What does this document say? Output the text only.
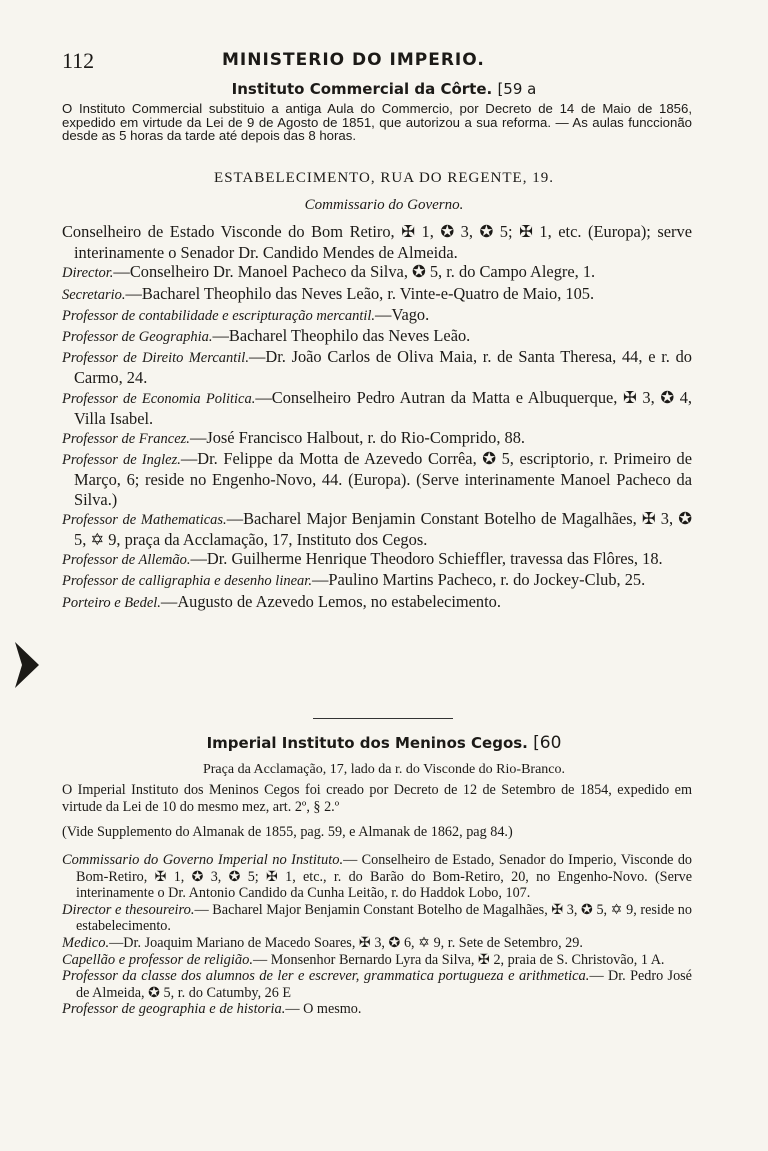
112	MINISTERIO DO IMPERIO.
Instituto Commercial da Côrte. [59 a
O Instituto Commercial substituio a antiga Aula do Commercio, por Decreto de 14 de Maio de 1856, expedido em virtude da Lei de 9 de Agosto de 1851, que autorizou a sua reforma. — As aulas funccionão desde as 5 horas da tarde até depois das 8 horas.
ESTABELECIMENTO, RUA DO REGENTE, 19.
Commissario do Governo.

Conselheiro de Estado Visconde do Bom Retiro, ✠ 1, ✪ 3, ✪ 5; ✠ 1, etc. (Europa); serve interinamente o Senador Dr. Candido Mendes de Almeida.

Director.—Conselheiro Dr. Manoel Pacheco da Silva, ✪ 5, r. do Campo Alegre, 1.

Secretario.—Bacharel Theophilo das Neves Leão, r. Vinte-e-Quatro de Maio, 105.

Professor de contabilidade e escripturação mercantil.—Vago.

Professor de Geographia.—Bacharel Theophilo das Neves Leão.

Professor de Direito Mercantil.—Dr. João Carlos de Oliva Maia, r. de Santa Theresa, 44, e r. do Carmo, 24.

Professor de Economia Politica.—Conselheiro Pedro Autran da Matta e Albuquerque, ✠ 3, ✪ 4, Villa Isabel.

Professor de Francez.—José Francisco Halbout, r. do Rio-Comprido, 88.

Professor de Inglez.—Dr. Felippe da Motta de Azevedo Corrêa, ✪ 5, escriptorio, r. Primeiro de Março, 6; reside no Engenho-Novo, 44. (Europa). (Serve interinamente Manoel Pacheco da Silva.)

Professor de Mathematicas.—Bacharel Major Benjamin Constant Botelho de Magalhães, ✠ 3, ✪ 5, ✡ 9, praça da Acclamação, 17, Instituto dos Cegos.

Professor de Allemão.—Dr. Guilherme Henrique Theodoro Schieffler, travessa das Flôres, 18.

Professor de calligraphia e desenho linear.—Paulino Martins Pacheco, r. do Jockey-Club, 25.

Porteiro e Bedel.—Augusto de Azevedo Lemos, no estabelecimento.

Imperial Instituto dos Meninos Cegos. [60
Praça da Acclamação, 17, lado da r. do Visconde do Rio-Branco.
O Imperial Instituto dos Meninos Cegos foi creado por Decreto de 12 de Setembro de 1854, expedido em virtude da Lei de 10 do mesmo mez, art. 2º, § 2.º
(Vide Supplemento do Almanak de 1855, pag. 59, e Almanak de 1862, pag 84.)

Commissario do Governo Imperial no Instituto.— Conselheiro de Estado, Senador do Imperio, Visconde do Bom-Retiro, ✠ 1, ✪ 3, ✪ 5; ✠ 1, etc., r. do Barão do Bom-Retiro, 20, no Engenho-Novo. (Serve interinamente o Dr. Antonio Candido da Cunha Leitão, r. do Haddok Lobo, 107.

Director e thesoureiro.— Bacharel Major Benjamin Constant Botelho de Magalhães, ✠ 3, ✪ 5, ✡ 9, reside no estabelecimento.

Medico.—Dr. Joaquim Mariano de Macedo Soares, ✠ 3, ✪ 6, ✡ 9, r. Sete de Setembro, 29.

Capellão e professor de religião.— Monsenhor Bernardo Lyra da Silva, ✠ 2, praia de S. Christovão, 1 A.

Professor da classe dos alumnos de ler e escrever, grammatica portugueza e arithmetica.— Dr. Pedro José de Almeida, ✪ 5, r. do Catumby, 26 E

Professor de geographia e de historia.— O mesmo.
